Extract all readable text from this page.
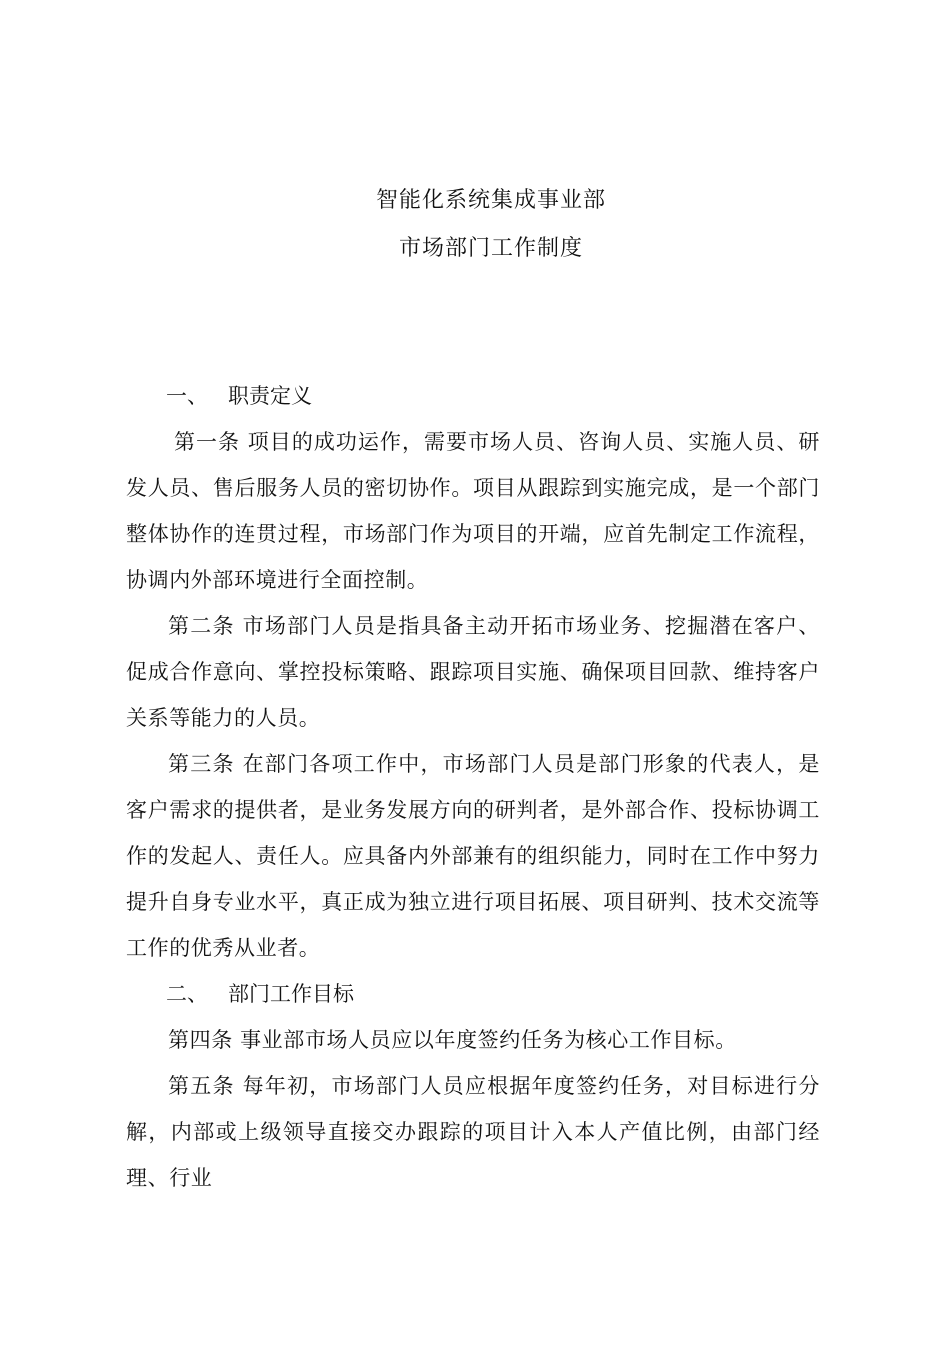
智能化系统集成事业部
市场部门工作制度
一、 职责定义

第一条 项目的成功运作，需要市场人员、咨询人员、实施人员、研发人员、售后服务人员的密切协作。项目从跟踪到实施完成，是一个部门整体协作的连贯过程，市场部门作为项目的开端，应首先制定工作流程，协调内外部环境进行全面控制。

第二条 市场部门人员是指具备主动开拓市场业务、挖掘潜在客户、促成合作意向、掌控投标策略、跟踪项目实施、确保项目回款、维持客户关系等能力的人员。

第三条 在部门各项工作中，市场部门人员是部门形象的代表人，是客户需求的提供者，是业务发展方向的研判者，是外部合作、投标协调工作的发起人、责任人。应具备内外部兼有的组织能力，同时在工作中努力提升自身专业水平，真正成为独立进行项目拓展、项目研判、技术交流等工作的优秀从业者。

二、 部门工作目标

第四条 事业部市场人员应以年度签约任务为核心工作目标。

第五条 每年初，市场部门人员应根据年度签约任务，对目标进行分解，内部或上级领导直接交办跟踪的项目计入本人产值比例，由部门经理、行业
